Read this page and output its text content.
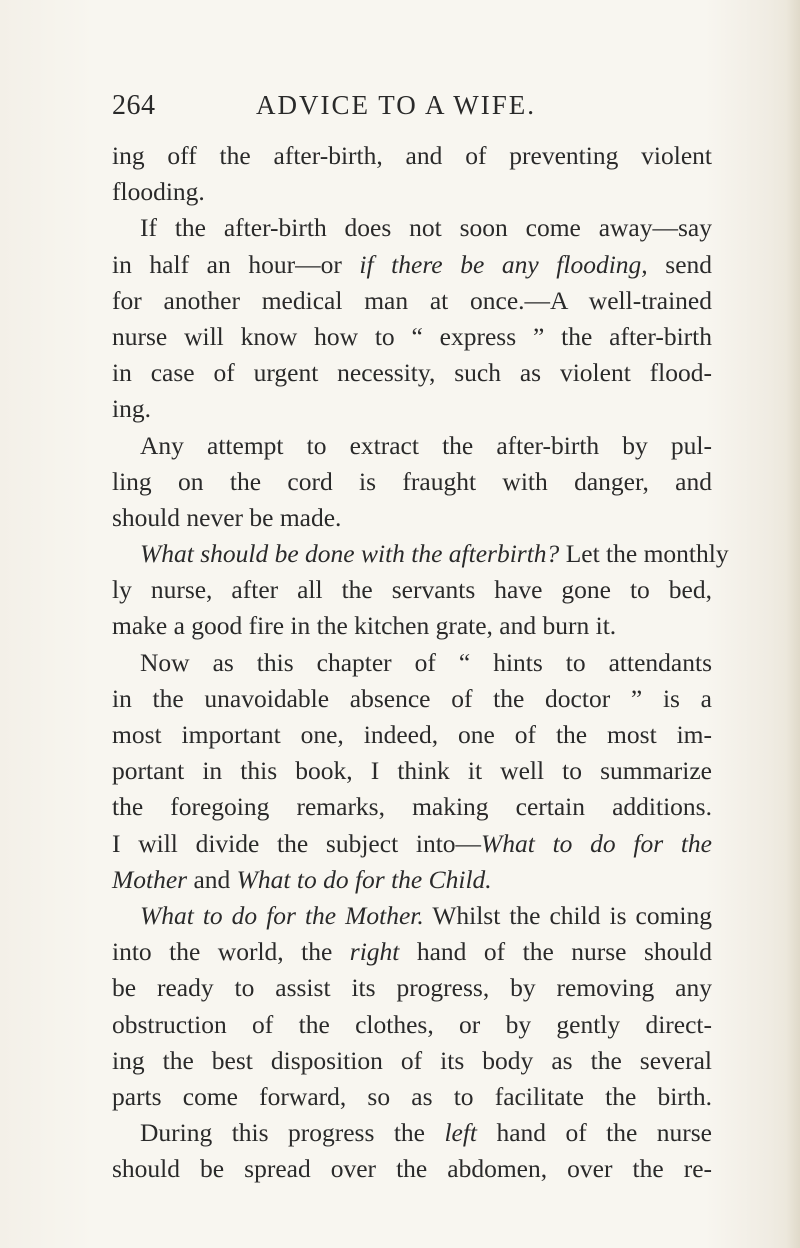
264	ADVICE TO A WIFE.
ing off the after-birth, and of preventing violent
flooding.
If the after-birth does not soon come away—say
in half an hour—or if there be any flooding, send
for another medical man at once.—A well-trained
nurse will know how to “ express ” the after-birth
in case of urgent necessity, such as violent flood-
ing.
Any attempt to extract the after-birth by pul-
ling on the cord is fraught with danger, and
should never be made.
What should be done with the afterbirth? Let the monthly
ly nurse, after all the servants have gone to bed,
make a good fire in the kitchen grate, and burn it.
Now as this chapter of “ hints to attendants
in the unavoidable absence of the doctor ” is a
most important one, indeed, one of the most im-
portant in this book, I think it well to summarize
the foregoing remarks, making certain additions.
I will divide the subject into—What to do for the
Mother and What to do for the Child.
What to do for the Mother. Whilst the child is coming
into the world, the right hand of the nurse should
be ready to assist its progress, by removing any
obstruction of the clothes, or by gently direct-
ing the best disposition of its body as the several
parts come forward, so as to facilitate the birth.
During this progress the left hand of the nurse
should be spread over the abdomen, over the re-
